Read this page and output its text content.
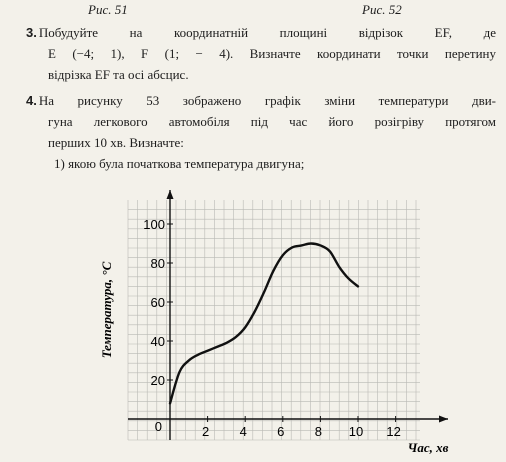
Рис. 51	Рис. 52
3. Побудуйте на координатній площині відрізок EF, де
E (−4; 1), F (1; − 4). Визначте координати точки перетину
відрізка EF та осі абсцис.
4. На рисунку 53 зображено графік зміни температури дви-
гуна легкового автомобіля під час його розігріву протягом
перших 10 хв. Визначте:
1) якою була початкова температура двигуна;
2 4 6 8 10 12
20
40
60
80
100
0
Час, хв
Температура, °С
